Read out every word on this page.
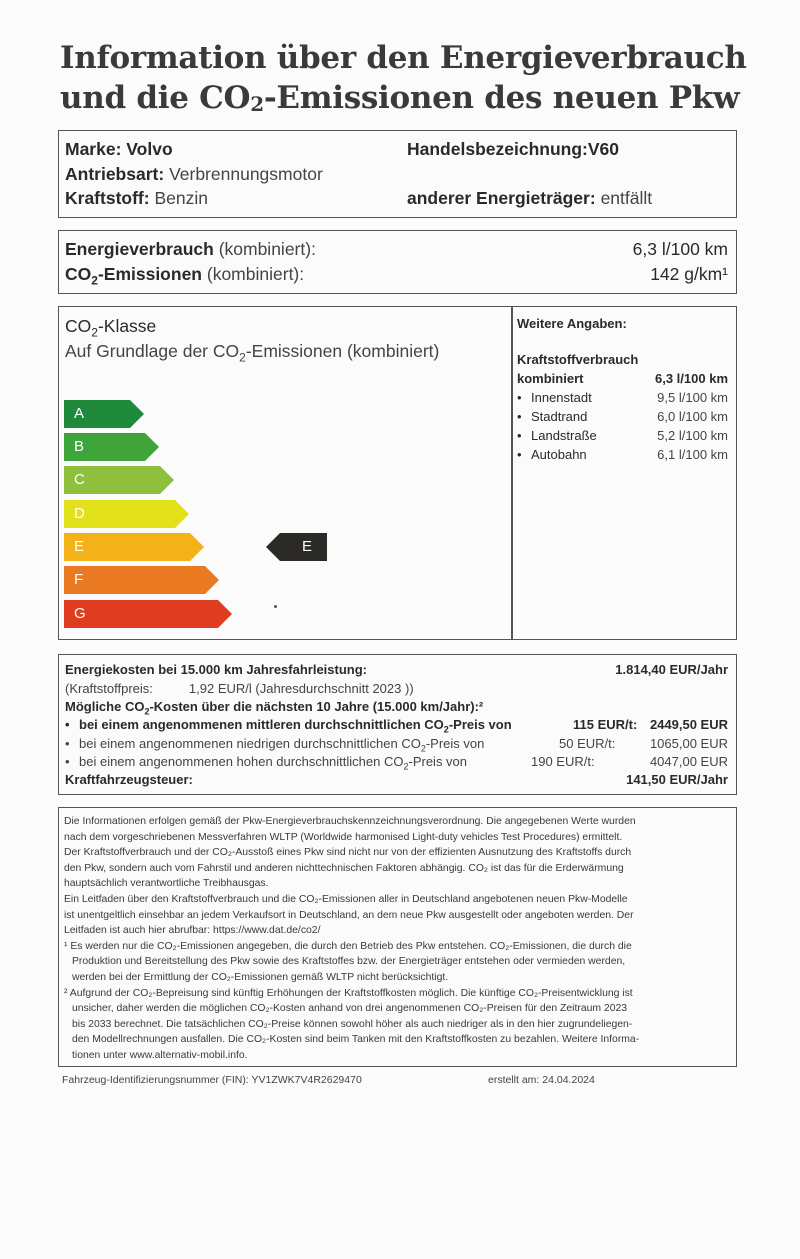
Information über den Energieverbrauch
und die $CO_2$-Emissionen des neuen Pkw
Marke: Volvo	Handelsbezeichnung:V60
Antriebsart: Verbrennungsmotor
Kraftstoff: Benzin	anderer Energieträger: entfällt
Energieverbrauch (kombiniert):	6,3 l/100 km
$CO_2$-Emissionen (kombiniert):	142 g/km¹
$CO_2$-Klasse
Auf Grundlage der $CO_2$-Emissionen (kombiniert)
Weitere Angaben:
Kraftstoffverbrauch
kombiniert	6,3 l/100 km
• Innenstadt	9,5 l/100 km
• Stadtrand	6,0 l/100 km
• Landstraße	5,2 l/100 km
• Autobahn	6,1 l/100 km
A
B
C
D
E
F
G
E
Energiekosten bei 15.000 km Jahresfahrleistung:	1.814,40 EUR/Jahr
(Kraftstoffpreis:	1,92 EUR/l (Jahresdurchschnitt 2023 ))
Mögliche $CO_2$-Kosten über die nächsten 10 Jahre (15.000 km/Jahr):²
• bei einem angenommenen mittleren durchschnittlichen $CO_2$-Preis von	115 EUR/t: 2449,50 EUR
• bei einem angenommenen niedrigen durchschnittlichen $CO_2$-Preis von	50 EUR/t:	1065,00 EUR
• bei einem angenommenen hohen durchschnittlichen $CO_2$-Preis von	190 EUR/t:	4047,00 EUR
Kraftfahrzeugsteuer:	141,50 EUR/Jahr
Die Informationen erfolgen gemäß der Pkw-Energieverbrauchskennzeichnungsverordnung. Die angegebenen Werte wurden
nach dem vorgeschriebenen Messverfahren WLTP (Worldwide harmonised Light-duty vehicles Test Procedures) ermittelt.
Der Kraftstoffverbrauch und der CO₂-Ausstoß eines Pkw sind nicht nur von der effizienten Ausnutzung des Kraftstoffs durch
den Pkw, sondern auch vom Fahrstil und anderen nichttechnischen Faktoren abhängig. CO₂ ist das für die Erderwärmung
hauptsächlich verantwortliche Treibhausgas.
Ein Leitfaden über den Kraftstoffverbrauch und die CO₂-Emissionen aller in Deutschland angebotenen neuen Pkw-Modelle
ist unentgeltlich einsehbar an jedem Verkaufsort in Deutschland, an dem neue Pkw ausgestellt oder angeboten werden. Der
Leitfaden ist auch hier abrufbar: https://www.dat.de/co2/
¹ Es werden nur die CO₂-Emissionen angegeben, die durch den Betrieb des Pkw entstehen. CO₂-Emissionen, die durch die
Produktion und Bereitstellung des Pkw sowie des Kraftstoffes bzw. der Energieträger entstehen oder vermieden werden,
werden bei der Ermittlung der CO₂-Emissionen gemäß WLTP nicht berücksichtigt.
² Aufgrund der CO₂-Bepreisung sind künftig Erhöhungen der Kraftstoffkosten möglich. Die künftige CO₂-Preisentwicklung ist
unsicher, daher werden die möglichen CO₂-Kosten anhand von drei angenommenen CO₂-Preisen für den Zeitraum 2023
bis 2033 berechnet. Die tatsächlichen CO₂-Preise können sowohl höher als auch niedriger als in den hier zugrundeliegen-
den Modellrechnungen ausfallen. Die CO₂-Kosten sind beim Tanken mit den Kraftstoffkosten zu bezahlen. Weitere Informa-
tionen unter www.alternativ-mobil.info.
Fahrzeug-Identifizierungsnummer (FIN): YV1ZWK7V4R2629470	erstellt am: 24.04.2024
